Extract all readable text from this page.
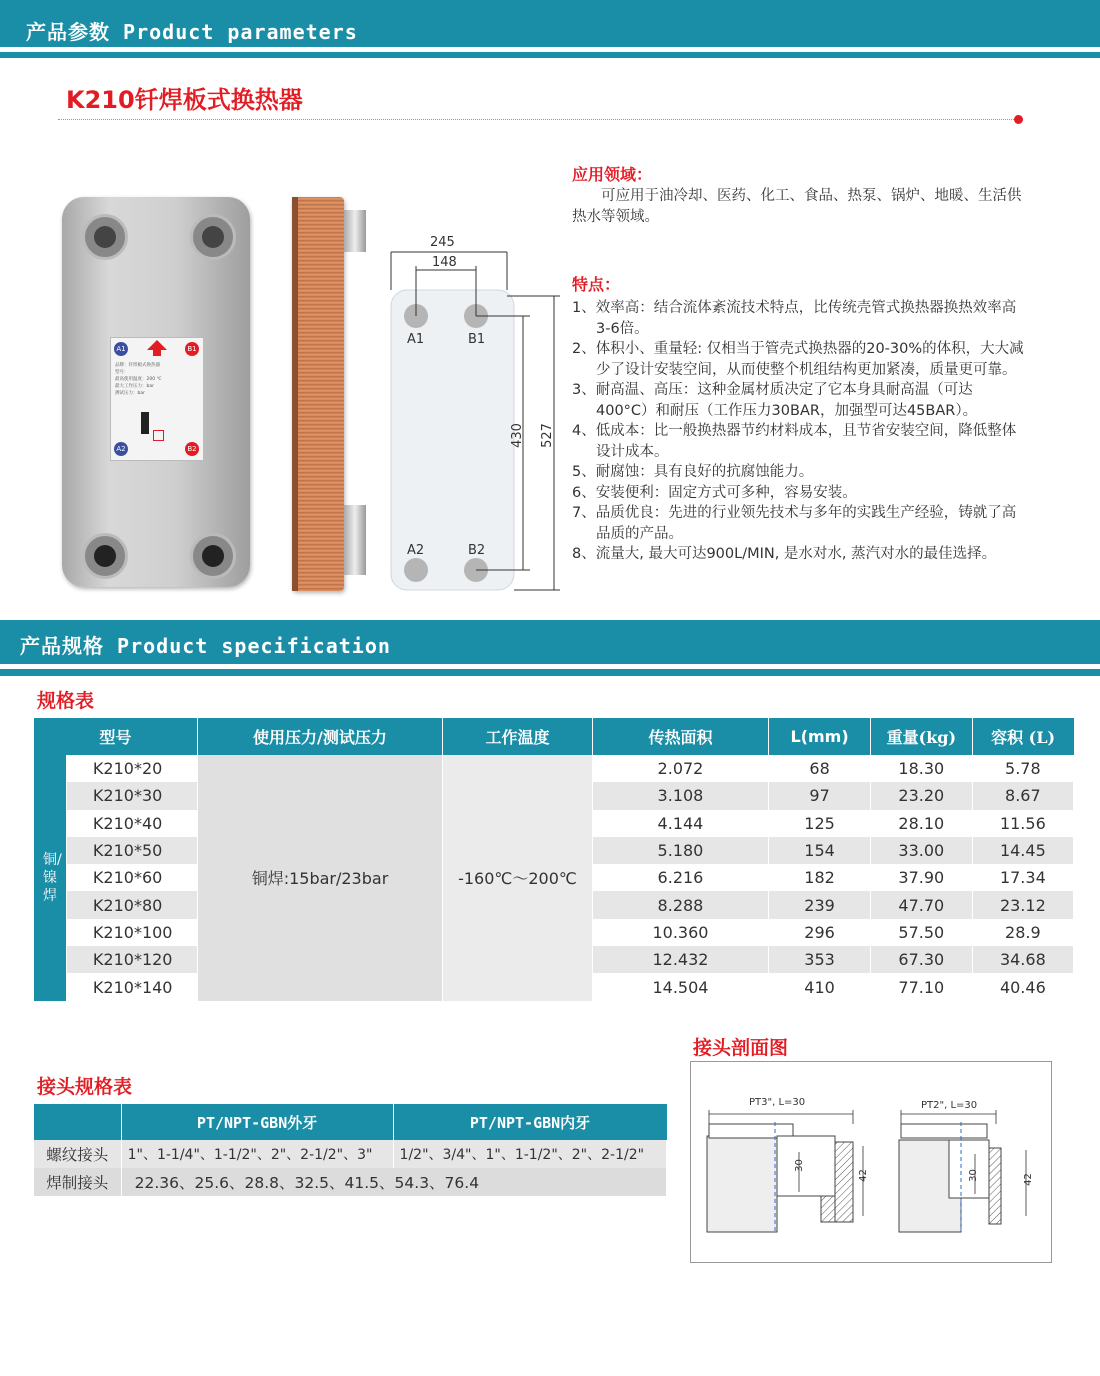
产品参数 Product parameters
K210钎焊板式换热器
A1	B1
A2	B2
品牌：钎焊板式换热器
型号：
最高使用温度：200 ℃
最大工作压力：bar
测试压力：bar
245
148
430 527
A1	B1
A2	B2
应用领域：
可应用于油冷却、医药、化工、食品、热泵、锅炉、地暖、生活供热水等领域。
特点：
1、效率高：结合流体紊流技术特点，比传统壳管式换热器换热效率高3-6倍。
2、体积小、重量轻: 仅相当于管壳式换热器的20-30%的体积，大大减少了设计安装空间，从而使整个机组结构更加紧凑，质量更可靠。
3、耐高温、高压：这种金属材质决定了它本身具耐高温（可达400°C）和耐压（工作压力30BAR，加强型可达45BAR）。
4、低成本：比一般换热器节约材料成本，且节省安装空间，降低整体设计成本。
5、耐腐蚀：具有良好的抗腐蚀能力。
6、安装便利：固定方式可多种，容易安装。
7、品质优良：先进的行业领先技术与多年的实践生产经验，铸就了高品质的产品。
8、流量大, 最大可达900L/MIN, 是水对水, 蒸汽对水的最佳选择。
产品规格 Product specification
规格表
型号		使用压力/测试压力	工作温度	传热面积	L(mm)	重量(kg)	容积 (L)

铜/镍焊	K210*20	铜焊:15bar/23bar	-160℃～200℃	2.072	68	18.30	5.78
	K210*30			3.108	97	23.20	8.67
	K210*40			4.144	125	28.10	11.56
	K210*50			5.180	154	33.00	14.45
	K210*60			6.216	182	37.90	17.34
	K210*80			8.288	239	47.70	23.12
	K210*100			10.360	296	57.50	28.9
	K210*120			12.432	353	67.30	34.68
	K210*140			14.504	410	77.10	40.46
接头规格表
	PT/NPT-GBN外牙	PT/NPT-GBN内牙
螺纹接头	1"、1-1/4"、1-1/2"、2"、2-1/2"、3"	1/2"、3/4"、1"、1-1/2"、2"、2-1/2"
焊制接头	22.36、25.6、28.8、32.5、41.5、54.3、76.4	
接头剖面图
PT3", L=30	PT2", L=30
30
42	30	42
